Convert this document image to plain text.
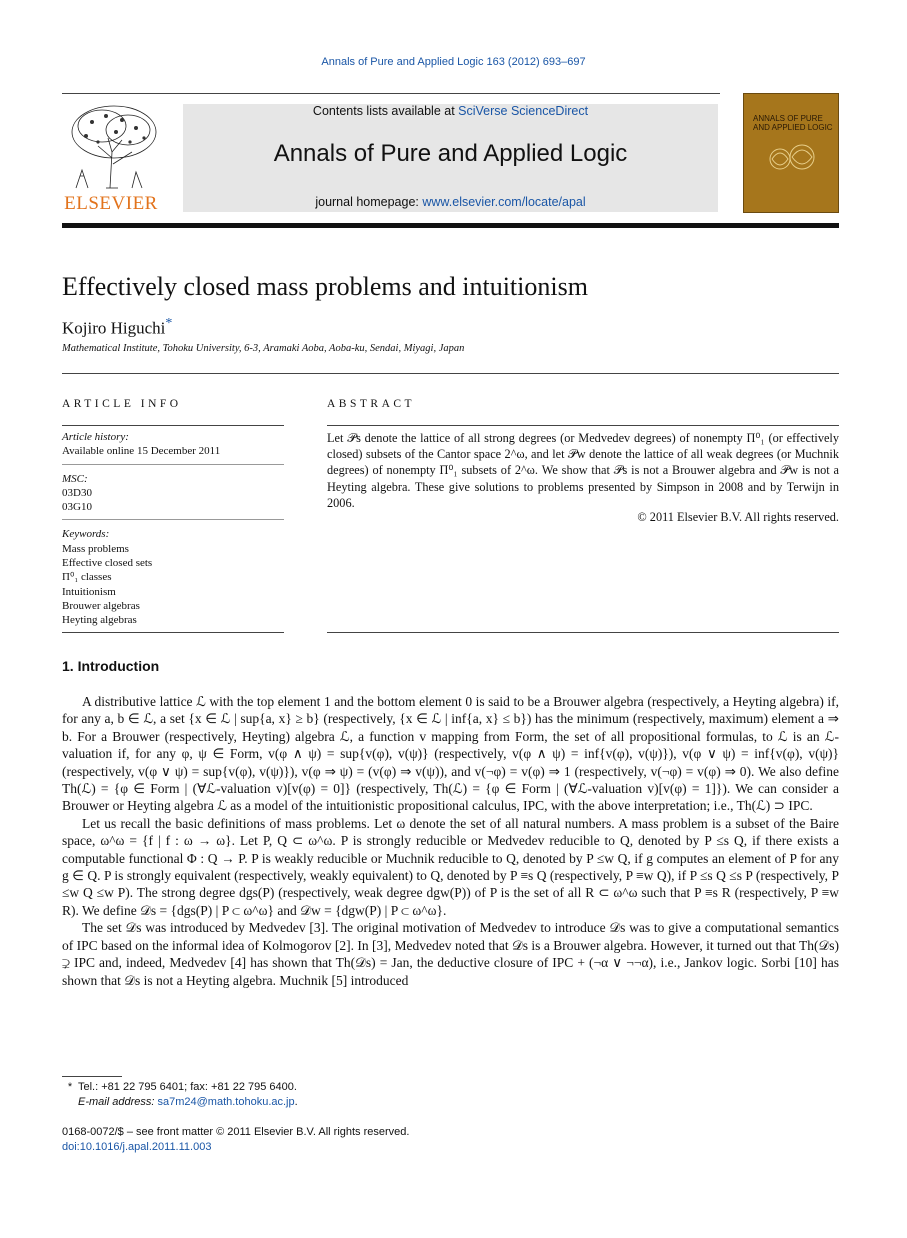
Annals of Pure and Applied Logic 163 (2012) 693–697
ELSEVIER
Contents lists available at SciVerse ScienceDirect
Annals of Pure and Applied Logic
journal homepage: www.elsevier.com/locate/apal
ANNALS OF PURE AND APPLIED LOGIC
Effectively closed mass problems and intuitionism
Kojiro Higuchi*
Mathematical Institute, Tohoku University, 6-3, Aramaki Aoba, Aoba-ku, Sendai, Miyagi, Japan
ARTICLE INFO	ABSTRACT
Article history:
Available online 15 December 2011
MSC:
03D30
03G10
Keywords:
Mass problems
Effective closed sets
Π⁰₁ classes
Intuitionism
Brouwer algebras
Heyting algebras
Let 𝒫s denote the lattice of all strong degrees (or Medvedev degrees) of nonempty Π⁰₁ (or effectively closed) subsets of the Cantor space 2^ω, and let 𝒫w denote the lattice of all weak degrees (or Muchnik degrees) of nonempty Π⁰₁ subsets of 2^ω. We show that 𝒫s is not a Brouwer algebra and 𝒫w is not a Heyting algebra. These give solutions to problems presented by Simpson in 2008 and by Terwijn in 2006.
© 2011 Elsevier B.V. All rights reserved.
1. Introduction

A distributive lattice ℒ with the top element 1 and the bottom element 0 is said to be a Brouwer algebra (respectively, a Heyting algebra) if, for any a, b ∈ ℒ, a set {x ∈ ℒ | sup{a, x} ≥ b} (respectively, {x ∈ ℒ | inf{a, x} ≤ b}) has the minimum (respectively, maximum) element a ⇒ b. For a Brouwer (respectively, Heyting) algebra ℒ, a function v mapping from Form, the set of all propositional formulas, to ℒ is an ℒ-valuation if, for any φ, ψ ∈ Form, v(φ ∧ ψ) = sup{v(φ), v(ψ)} (respectively, v(φ ∧ ψ) = inf{v(φ), v(ψ)}), v(φ ∨ ψ) = inf{v(φ), v(ψ)} (respectively, v(φ ∨ ψ) = sup{v(φ), v(ψ)}), v(φ ⇒ ψ) = (v(φ) ⇒ v(ψ)), and v(¬φ) = v(φ) ⇒ 1 (respectively, v(¬φ) = v(φ) ⇒ 0). We also define Th(ℒ) = {φ ∈ Form | (∀ℒ-valuation v)[v(φ) = 0]} (respectively, Th(ℒ) = {φ ∈ Form | (∀ℒ-valuation v)[v(φ) = 1]}). We can consider a Brouwer or Heyting algebra ℒ as a model of the intuitionistic propositional calculus, IPC, with the above interpretation; i.e., Th(ℒ) ⊃ IPC.

Let us recall the basic definitions of mass problems. Let ω denote the set of all natural numbers. A mass problem is a subset of the Baire space, ω^ω = {f | f : ω → ω}. Let P, Q ⊂ ω^ω. P is strongly reducible or Medvedev reducible to Q, denoted by P ≤s Q, if there exists a computable functional Φ : Q → P. P is weakly reducible or Muchnik reducible to Q, denoted by P ≤w Q, if g computes an element of P for any g ∈ Q. P is strongly equivalent (respectively, weakly equivalent) to Q, denoted by P ≡s Q (respectively, P ≡w Q), if P ≤s Q ≤s P (respectively, P ≤w Q ≤w P). The strong degree dgs(P) (respectively, weak degree dgw(P)) of P is the set of all R ⊂ ω^ω such that P ≡s R (respectively, P ≡w R). We define 𝒟s = {dgs(P) | P ⊂ ω^ω} and 𝒟w = {dgw(P) | P ⊂ ω^ω}.

The set 𝒟s was introduced by Medvedev [3]. The original motivation of Medvedev to introduce 𝒟s was to give a computational semantics of IPC based on the informal idea of Kolmogorov [2]. In [3], Medvedev noted that 𝒟s is a Brouwer algebra. However, it turned out that Th(𝒟s) ⊋ IPC and, indeed, Medvedev [4] has shown that Th(𝒟s) = Jan, the deductive closure of IPC + (¬α ∨ ¬¬α), i.e., Jankov logic. Sorbi [10] has shown that 𝒟s is not a Heyting algebra. Muchnik [5] introduced

* Tel.: +81 22 795 6401; fax: +81 22 795 6400.
E-mail address: sa7m24@math.tohoku.ac.jp.
0168-0072/$ – see front matter © 2011 Elsevier B.V. All rights reserved.
doi:10.1016/j.apal.2011.11.003
